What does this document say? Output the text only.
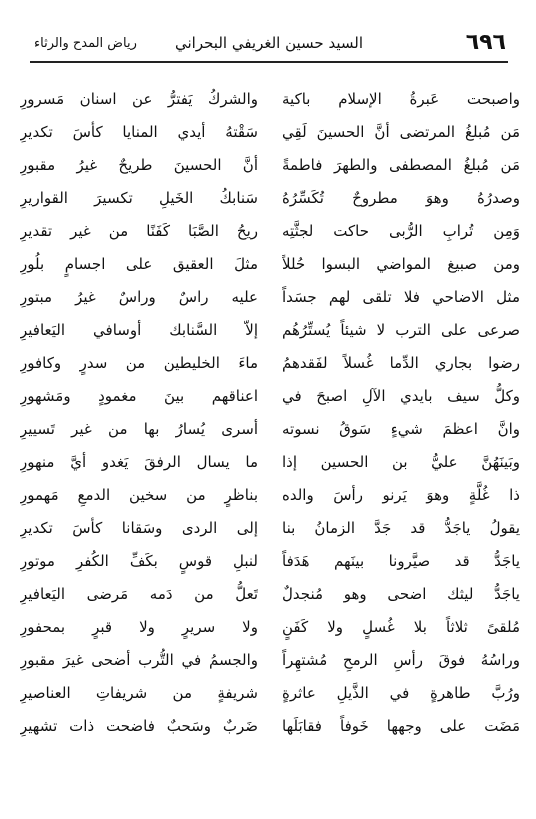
٦٩٦
السيد حسين الغريفي البحراني
رياض المدح والرثاء
واصبحت عَبرةُ الإسلام باكية
والشركُ يَفترُّ عن اسنان مَسرورِ
مَن مُبلغُ المرتضى أنَّ الحسينَ لَقِي
سَقْتهُ أيدي المنايا كأسَ تكديرِ
مَن مُبلغُ المصطفى والطهرَ فاطمةً
أنَّ الحسينَ طريحٌ غيرُ مقبورِ
وصدرُهُ وهوَ مطروحٌ تُكَسِّرُهُ
سَنابكُ الخَيلِ تكسيرَ القواريرِ
وَمِن تُرابِ الرُّبى حاكت لجثَّتِه
ريحُ الصَّبَا كَفَنًا من غير تقديرِ
ومن صبيغ المواضي البسوا حُللاً
مثلَ العقيق على اجسامٍ بلُورِ
مثل الاضاحي فلا تلقى لهم جسَداً
عليه راسٌ وراسٌ غيرُ مبتورِ
صرعى على الترب لا شيئاً يُستِّرُهُم
إلاّ السَّنابك أوسافي اليَعافيرِ
رضوا بجاري الدِّما غُسلاً لفَقدهمُ
ماءَ الخليطين من سدرٍ وكافورِ
وكلُّ سيف بايدي الآلِ اصبحَ في
اعناقهم بينَ مغمودٍ ومَشهورِ
وانَّ اعظمَ شيءٍ سَوقُ نسوته
أسرى يُسارُ بها من غير تَسييرِ
وبَينَهُنَّ عليُّ بن الحسين إذا
ما يسال الرفقَ يَغدو أيَّ منهورِ
ذا غُلَّةٍ وهوَ يَرنو رأسَ والده
بناظرٍ من سخين الدمعِ مَهمورِ
يقولُ ياجَدُّ قد جَدَّ الزمانُ بنا
إلى الردى وسَقانا كأسَ تكديرِ
ياجَدُّ قد صيَّرونا بينَهم هَدَفاً
لنبلِ قوسٍ بكَفِّ الكُفرِ موتورِ
ياجَدُّ ليثك اضحى وهو مُنجدلٌ
تَعلُّ من دَمه مَرضى اليَعافيرِ
مُلقىً ثلاثاً بلا غُسلٍ ولا كَفَنٍ
ولا سريرٍ ولا قبرٍ بمحفورِ
وراسُهُ فوقَ رأسِ الرمحِ مُشتهِراً
والجسمُ في التُّرب أضحى غيرَ مقبورِ
ورُبَّ طاهرةٍ في الذَّيلِ عاثرةٍ
شريفةٍ من شريفاتِ العناصيرِ
مَضَت على وجهها خَوفاً فقابَلَها
ضَربٌ وسَحبٌ فاضحت ذات تشهيرِ
